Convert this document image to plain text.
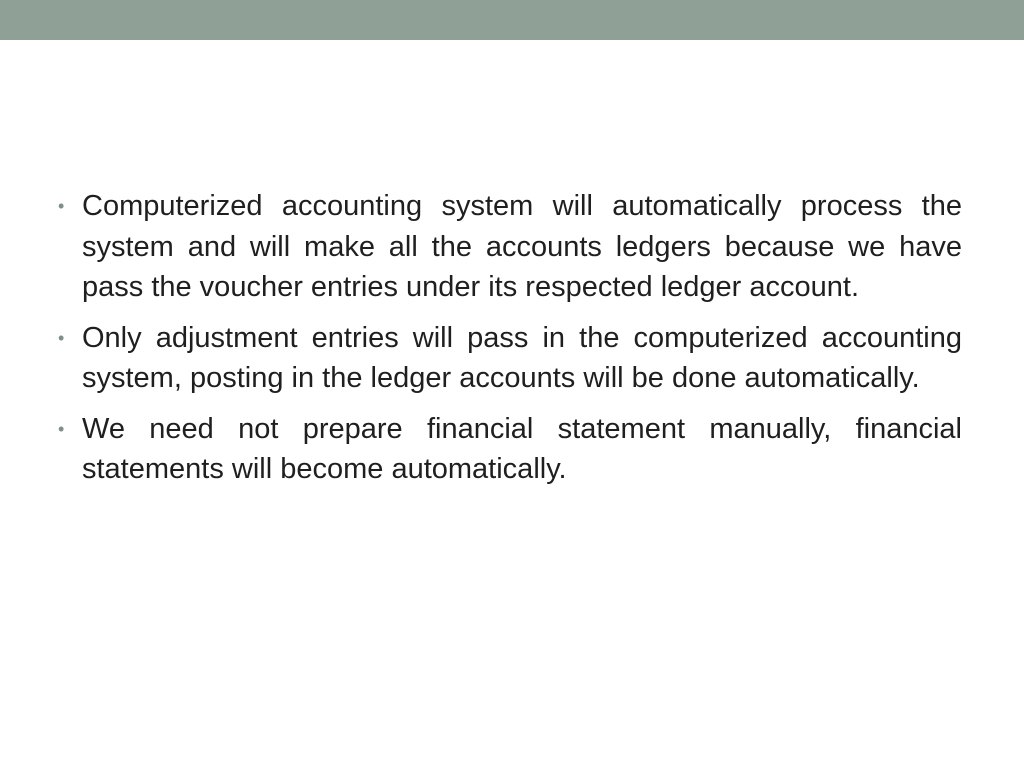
• Computerized accounting system will automatically process the system and will make all the accounts ledgers because we have pass the voucher entries under its respected ledger account.
• Only adjustment entries will pass in the computerized accounting system, posting in the ledger accounts will be done automatically.
• We need not prepare financial statement manually, financial statements will become automatically.
